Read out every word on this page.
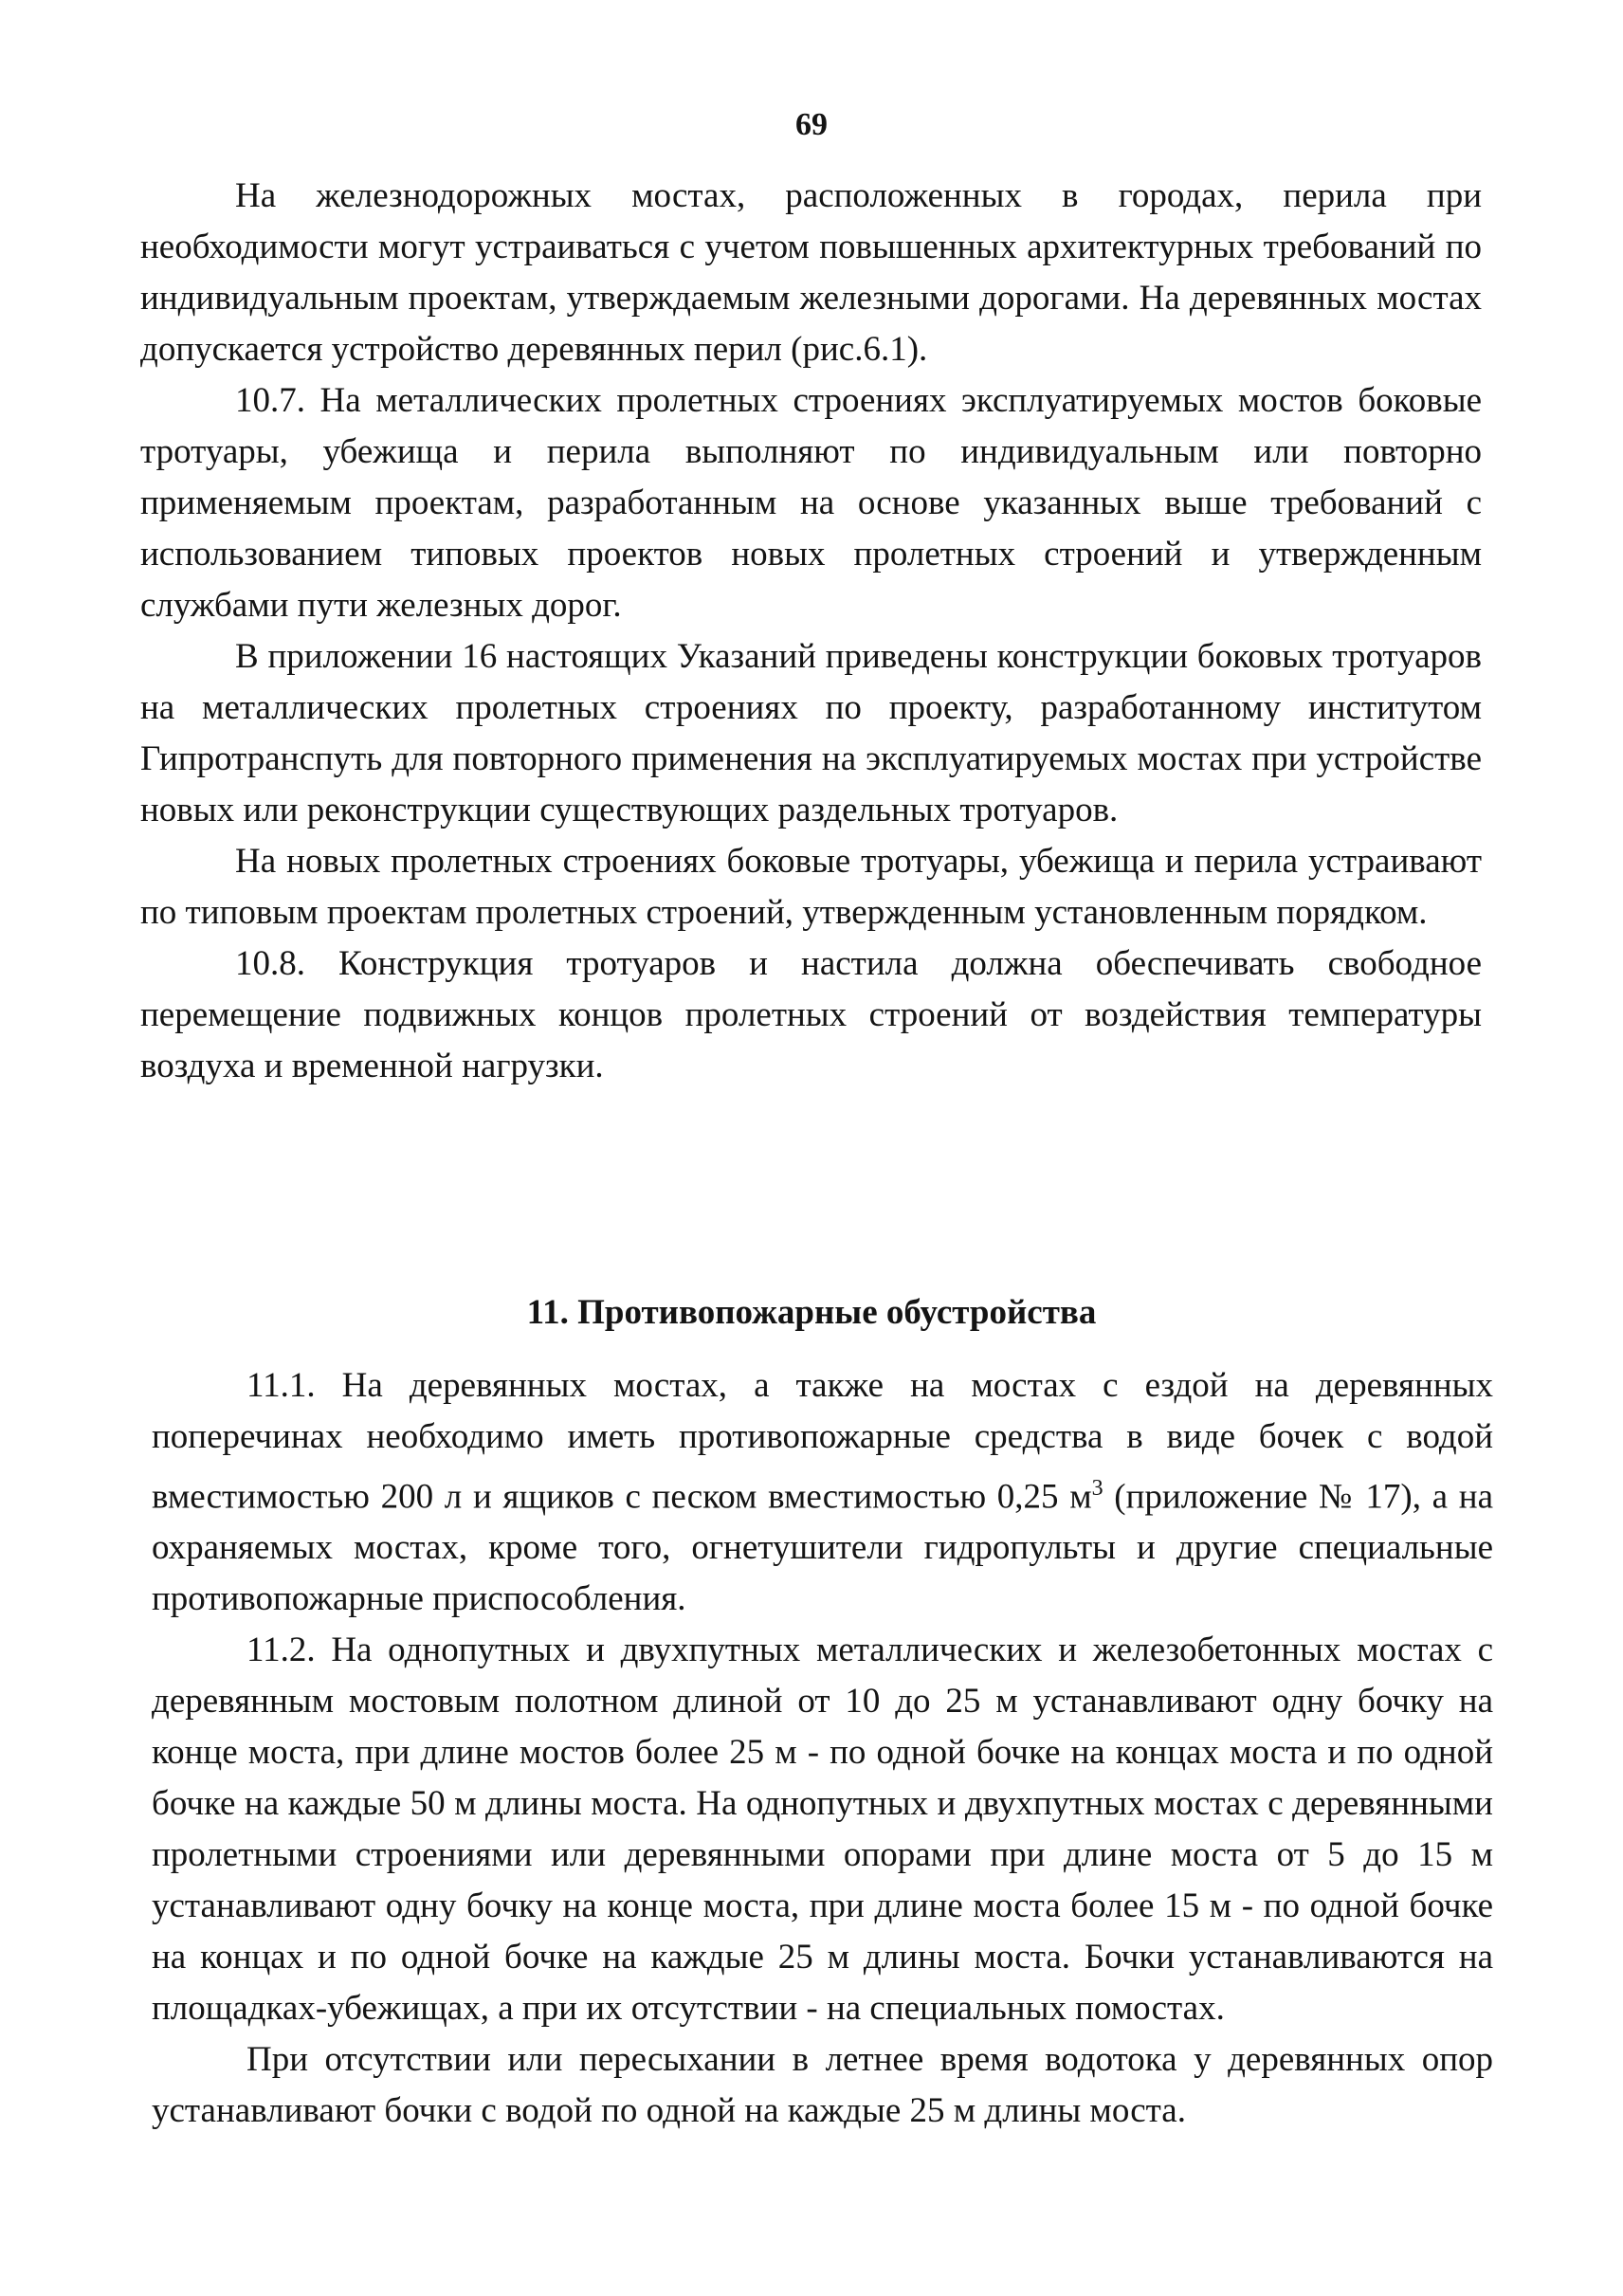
69

На железнодорожных мостах, расположенных в городах, перила при необходимости могут устраиваться с учетом повышенных архитектурных требований по индивидуальным проектам, утверждаемым железными дорогами. На деревянных мостах допускается устройство деревянных перил (рис.6.1).

10.7. На металлических пролетных строениях эксплуатируемых мостов боковые тротуары, убежища и перила выполняют по индивидуальным или повторно применяемым проектам, разработанным на основе указанных выше требований с использованием типовых проектов новых пролетных строений и утвержденным службами пути железных дорог.

В приложении 16 настоящих Указаний приведены конструкции боковых тротуаров на металлических пролетных строениях по проекту, разработанному институтом Гипротранспуть для повторного применения на эксплуатируемых мостах при устройстве новых или реконструкции существующих раздельных тротуаров.

На новых пролетных строениях боковые тротуары, убежища и перила устраивают по типовым проектам пролетных строений, утвержденным установленным порядком.

10.8. Конструкция тротуаров и настила должна обеспечивать свободное перемещение подвижных концов пролетных строений от воздействия температуры воздуха и временной нагрузки.

11. Противопожарные обустройства

11.1. На деревянных мостах, а также на мостах с ездой на деревянных поперечинах необходимо иметь противопожарные средства в виде бочек с водой вместимостью 200 л и ящиков с песком вместимостью 0,25 $м^3$ (приложение № 17), а на охраняемых мостах, кроме того, огнетушители гидропульты и другие специальные противопожарные приспособления.

11.2. На однопутных и двухпутных металлических и железобетонных мостах с деревянным мостовым полотном длиной от 10 до 25 м устанавливают одну бочку на конце моста, при длине мостов более 25 м - по одной бочке на концах моста и по одной бочке на каждые 50 м длины моста. На однопутных и двухпутных мостах с деревянными пролетными строениями или деревянными опорами при длине моста от 5 до 15 м устанавливают одну бочку на конце моста, при длине моста более 15 м - по одной бочке на концах и по одной бочке на каждые 25 м длины моста. Бочки устанавливаются на площадках-убежищах, а при их отсутствии - на специальных помостах.

При отсутствии или пересыхании в летнее время водотока у деревянных опор устанавливают бочки с водой по одной на каждые 25 м длины моста.
